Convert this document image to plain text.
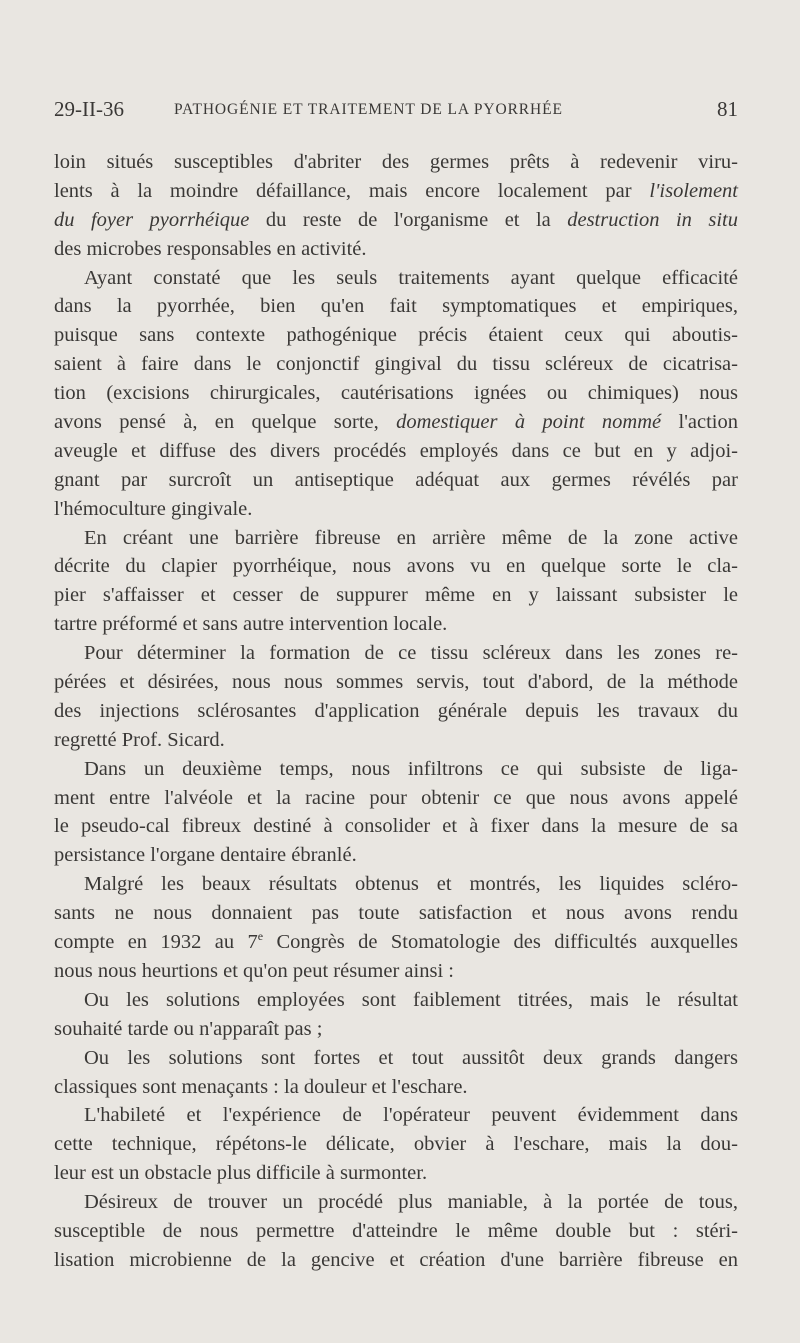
29-II-36	PATHOGÉNIE ET TRAITEMENT DE LA PYORRHÉE	81
loin situés susceptibles d'abriter des germes prêts à redevenir viru-
lents à la moindre défaillance, mais encore localement par l'isolement
du foyer pyorrhéique du reste de l'organisme et la destruction in situ
des microbes responsables en activité.
Ayant constaté que les seuls traitements ayant quelque efficacité
dans la pyorrhée, bien qu'en fait symptomatiques et empiriques,
puisque sans contexte pathogénique précis étaient ceux qui aboutis-
saient à faire dans le conjonctif gingival du tissu scléreux de cicatrisa-
tion (excisions chirurgicales, cautérisations ignées ou chimiques) nous
avons pensé à, en quelque sorte, domestiquer à point nommé l'action
aveugle et diffuse des divers procédés employés dans ce but en y adjoi-
gnant par surcroît un antiseptique adéquat aux germes révélés par
l'hémoculture gingivale.
En créant une barrière fibreuse en arrière même de la zone active
décrite du clapier pyorrhéique, nous avons vu en quelque sorte le cla-
pier s'affaisser et cesser de suppurer même en y laissant subsister le
tartre préformé et sans autre intervention locale.
Pour déterminer la formation de ce tissu scléreux dans les zones re-
pérées et désirées, nous nous sommes servis, tout d'abord, de la méthode
des injections sclérosantes d'application générale depuis les travaux du
regretté Prof. Sicard.
Dans un deuxième temps, nous infiltrons ce qui subsiste de liga-
ment entre l'alvéole et la racine pour obtenir ce que nous avons appelé
le pseudo-cal fibreux destiné à consolider et à fixer dans la mesure de sa
persistance l'organe dentaire ébranlé.
Malgré les beaux résultats obtenus et montrés, les liquides scléro-
sants ne nous donnaient pas toute satisfaction et nous avons rendu
compte en 1932 au 7e Congrès de Stomatologie des difficultés auxquelles
nous nous heurtions et qu'on peut résumer ainsi :
Ou les solutions employées sont faiblement titrées, mais le résultat
souhaité tarde ou n'apparaît pas ;
Ou les solutions sont fortes et tout aussitôt deux grands dangers
classiques sont menaçants : la douleur et l'eschare.
L'habileté et l'expérience de l'opérateur peuvent évidemment dans
cette technique, répétons-le délicate, obvier à l'eschare, mais la dou-
leur est un obstacle plus difficile à surmonter.
Désireux de trouver un procédé plus maniable, à la portée de tous,
susceptible de nous permettre d'atteindre le même double but : stéri-
lisation microbienne de la gencive et création d'une barrière fibreuse en
